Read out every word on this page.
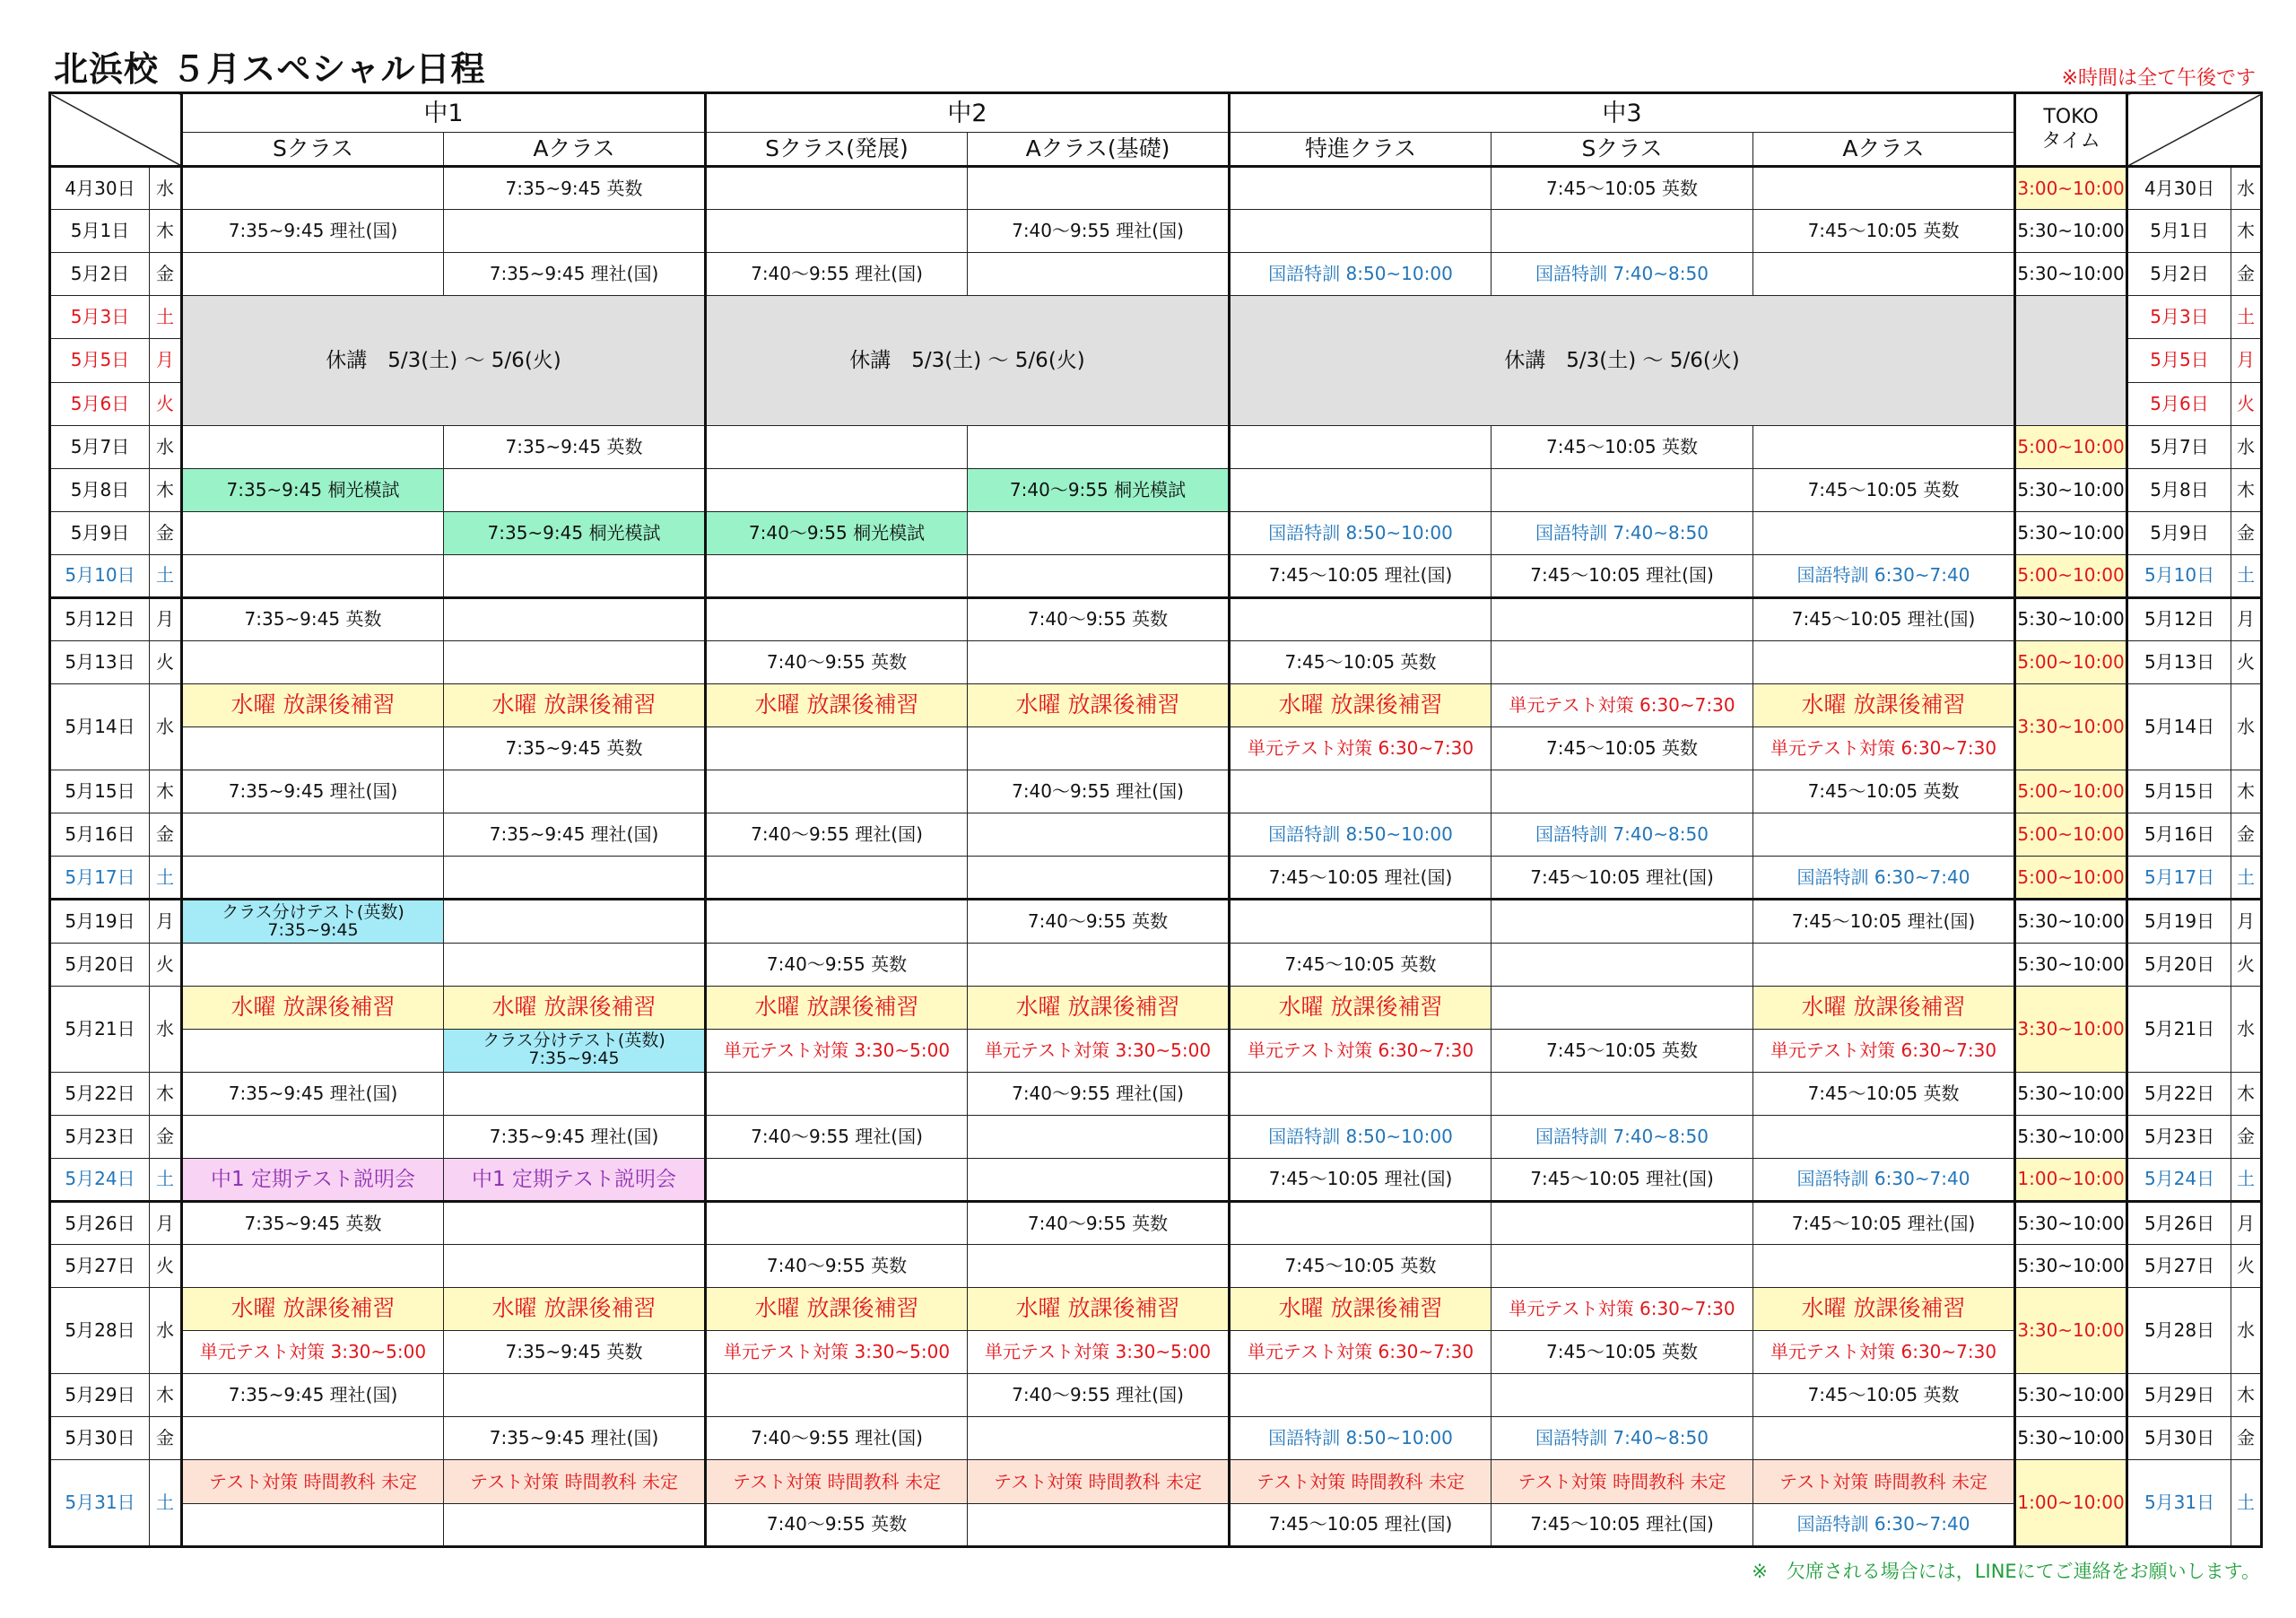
北浜校 ５月スペシャル日程	※時間は全て午後です
		中1		中2		中3			TOKO
タイム		
		Sクラス	Aクラス	Sクラス(発展)	Aクラス(基礎)	特進クラス	Sクラス	Aクラス			
4月30日	水		7:35~9:45 英数				7:45～10:05 英数		3:00~10:00	4月30日	水
5月1日	木	7:35~9:45 理社(国)			7:40～9:55 理社(国)			7:45～10:05 英数	5:30~10:00	5月1日	木
5月2日	金		7:35~9:45 理社(国)	7:40～9:55 理社(国)		国語特訓 8:50~10:00	国語特訓 7:40~8:50		5:30~10:00	5月2日	金
5月3日	土	休講　5/3(土) ～ 5/6(火)		休講　5/3(土) ～ 5/6(火)		休講　5/3(土) ～ 5/6(火)				5月3日	土
5月5日	月									5月5日	月
5月6日	火									5月6日	火
5月7日	水		7:35~9:45 英数				7:45～10:05 英数		5:00~10:00	5月7日	水
5月8日	木	7:35~9:45 桐光模試			7:40～9:55 桐光模試			7:45～10:05 英数	5:30~10:00	5月8日	木
5月9日	金		7:35~9:45 桐光模試	7:40～9:55 桐光模試		国語特訓 8:50~10:00	国語特訓 7:40~8:50		5:30~10:00	5月9日	金
5月10日	土					7:45～10:05 理社(国)	7:45～10:05 理社(国)	国語特訓 6:30~7:40	5:00~10:00	5月10日	土
5月12日	月	7:35~9:45 英数			7:40～9:55 英数			7:45～10:05 理社(国)	5:30~10:00	5月12日	月
5月13日	火			7:40～9:55 英数		7:45～10:05 英数			5:00~10:00	5月13日	火
5月14日	水	水曜 放課後補習	水曜 放課後補習	水曜 放課後補習	水曜 放課後補習	水曜 放課後補習	単元テスト対策 6:30~7:30	水曜 放課後補習	3:30~10:00	5月14日	水
			7:35~9:45 英数			単元テスト対策 6:30~7:30	7:45～10:05 英数	単元テスト対策 6:30~7:30			
5月15日	木	7:35~9:45 理社(国)			7:40～9:55 理社(国)			7:45～10:05 英数	5:00~10:00	5月15日	木
5月16日	金		7:35~9:45 理社(国)	7:40～9:55 理社(国)		国語特訓 8:50~10:00	国語特訓 7:40~8:50		5:00~10:00	5月16日	金
5月17日	土					7:45～10:05 理社(国)	7:45～10:05 理社(国)	国語特訓 6:30~7:40	5:00~10:00	5月17日	土
5月19日	月	クラス分けテスト(英数)
7:35~9:45			7:40～9:55 英数			7:45～10:05 理社(国)	5:30~10:00	5月19日	月
5月20日	火			7:40～9:55 英数		7:45～10:05 英数			5:30~10:00	5月20日	火
5月21日	水	水曜 放課後補習	水曜 放課後補習	水曜 放課後補習	水曜 放課後補習	水曜 放課後補習		水曜 放課後補習	3:30~10:00	5月21日	水
			クラス分けテスト(英数)
7:35~9:45	単元テスト対策 3:30~5:00	単元テスト対策 3:30~5:00	単元テスト対策 6:30~7:30	7:45～10:05 英数	単元テスト対策 6:30~7:30			
5月22日	木	7:35~9:45 理社(国)			7:40～9:55 理社(国)			7:45～10:05 英数	5:30~10:00	5月22日	木
5月23日	金		7:35~9:45 理社(国)	7:40～9:55 理社(国)		国語特訓 8:50~10:00	国語特訓 7:40~8:50		5:30~10:00	5月23日	金
5月24日	土	中1 定期テスト説明会	中1 定期テスト説明会			7:45～10:05 理社(国)	7:45～10:05 理社(国)	国語特訓 6:30~7:40	1:00~10:00	5月24日	土
5月26日	月	7:35~9:45 英数			7:40～9:55 英数			7:45～10:05 理社(国)	5:30~10:00	5月26日	月
5月27日	火			7:40～9:55 英数		7:45～10:05 英数			5:30~10:00	5月27日	火
5月28日	水	水曜 放課後補習	水曜 放課後補習	水曜 放課後補習	水曜 放課後補習	水曜 放課後補習	単元テスト対策 6:30~7:30	水曜 放課後補習	3:30~10:00	5月28日	水
		単元テスト対策 3:30~5:00	7:35~9:45 英数	単元テスト対策 3:30~5:00	単元テスト対策 3:30~5:00	単元テスト対策 6:30~7:30	7:45～10:05 英数	単元テスト対策 6:30~7:30			
5月29日	木	7:35~9:45 理社(国)			7:40～9:55 理社(国)			7:45～10:05 英数	5:30~10:00	5月29日	木
5月30日	金		7:35~9:45 理社(国)	7:40～9:55 理社(国)		国語特訓 8:50~10:00	国語特訓 7:40~8:50		5:30~10:00	5月30日	金
5月31日	土	テスト対策 時間教科 未定	テスト対策 時間教科 未定	テスト対策 時間教科 未定	テスト対策 時間教科 未定	テスト対策 時間教科 未定	テスト対策 時間教科 未定	テスト対策 時間教科 未定	1:00~10:00	5月31日	土
				7:40～9:55 英数		7:45～10:05 理社(国)	7:45～10:05 理社(国)	国語特訓 6:30~7:40			
※　欠席される場合には，LINEにてご連絡をお願いします。
